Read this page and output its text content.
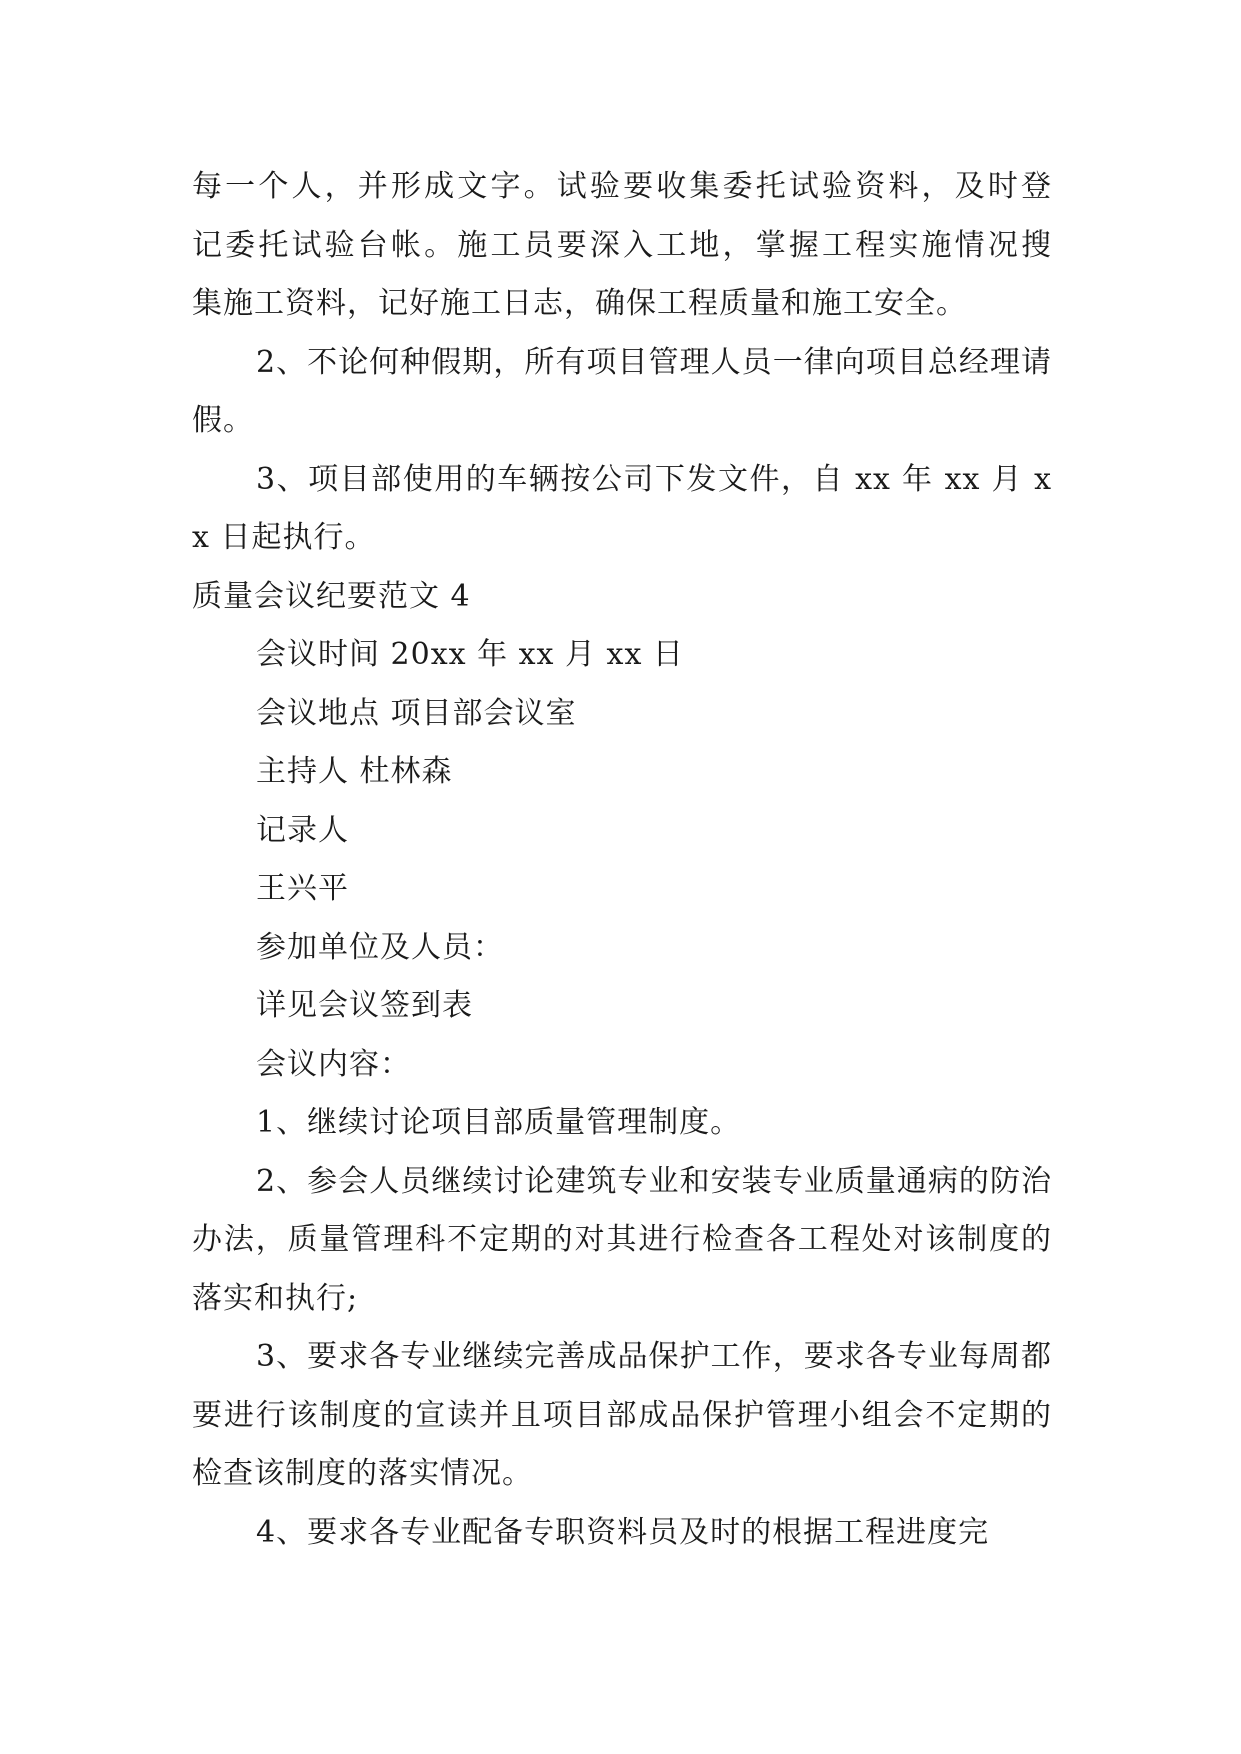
每一个人，并形成文字。试验要收集委托试验资料，及时登
记委托试验台帐。施工员要深入工地，掌握工程实施情况搜
集施工资料，记好施工日志，确保工程质量和施工安全。

2、不论何种假期，所有项目管理人员一律向项目总经理请假。

3、项目部使用的车辆按公司下发文件，自 xx 年 xx 月 xx 日起执行。

质量会议纪要范文 4
会议时间 20xx 年 xx 月 xx 日
会议地点 项目部会议室
主持人 杜林森
记录人
王兴平
参加单位及人员：
详见会议签到表
会议内容：

1、继续讨论项目部质量管理制度。

2、参会人员继续讨论建筑专业和安装专业质量通病的防治办法，质量管理科不定期的对其进行检查各工程处对该制度的落实和执行;

3、要求各专业继续完善成品保护工作，要求各专业每周都要进行该制度的宣读并且项目部成品保护管理小组会不定期的检查该制度的落实情况。

4、要求各专业配备专职资料员及时的根据工程进度完
